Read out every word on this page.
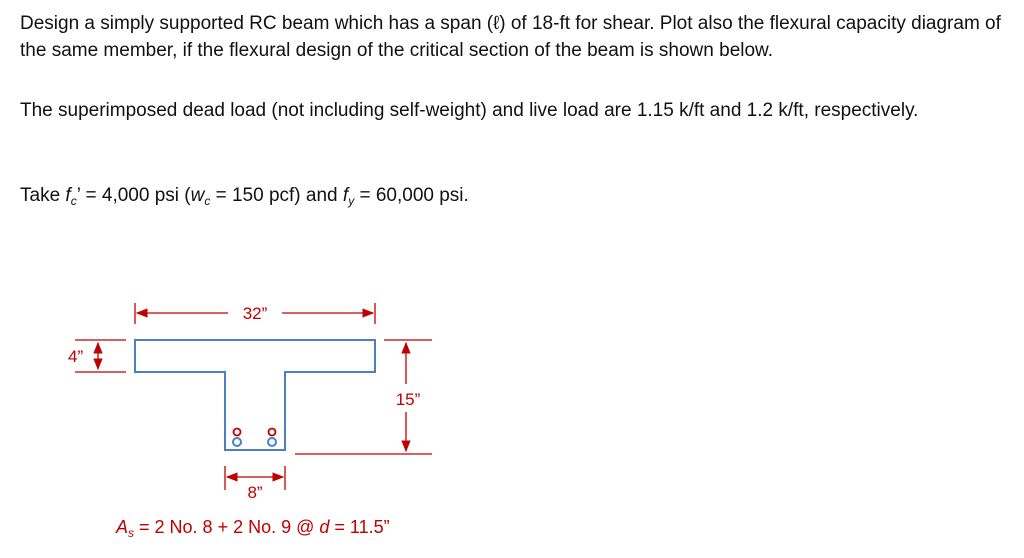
Design a simply supported RC beam which has a span (ℓ) of 18-ft for shear. Plot also the flexural capacity diagram of the same member, if the flexural design of the critical section of the beam is shown below.

The superimposed dead load (not including self-weight) and live load are 1.15 k/ft and 1.2 k/ft, respectively.

Take $f_c$’ = 4,000 psi ($w_c = 150$ pcf) and $f_y = 60,000$ psi.

32”
4”
15”
8”
$A_s = 2$ No. 8 + 2 No. 9 @ d = 11.5”
